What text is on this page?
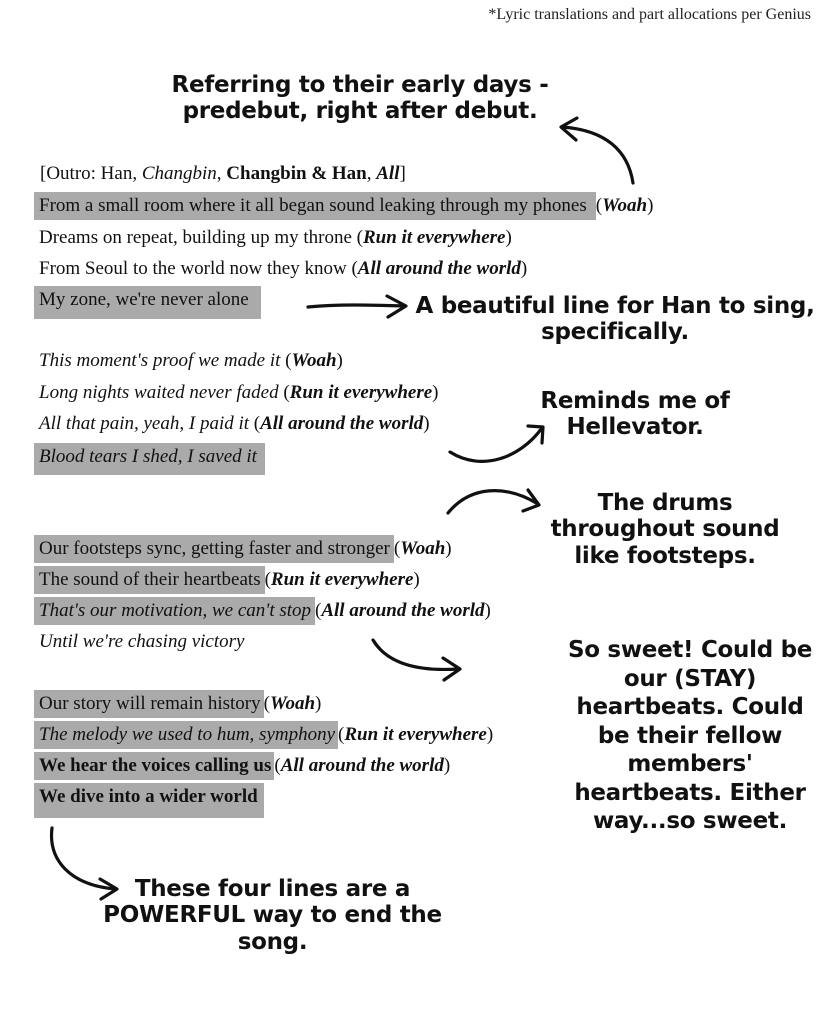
*Lyric translations and part allocations per Genius
[Outro: Han, Changbin, Changbin & Han, All]
From a small room where it all began sound leaking through my phones (Woah)
Dreams on repeat, building up my throne (Run it everywhere)
From Seoul to the world now they know (All around the world)
My zone, we're never alone
This moment's proof we made it (Woah)
Long nights waited never faded (Run it everywhere)
All that pain, yeah, I paid it (All around the world)
Blood tears I shed, I saved it
Our footsteps sync, getting faster and stronger (Woah)
The sound of their heartbeats (Run it everywhere)
That's our motivation, we can't stop (All around the world)
Until we're chasing victory
Our story will remain history (Woah)
The melody we used to hum, symphony (Run it everywhere)
We hear the voices calling us (All around the world)
We dive into a wider world
Referring to their early days - predebut, right after debut.
A beautiful line for Han to sing, specifically.
Reminds me of Hellevator.
The drums throughout sound like footsteps.
So sweet! Could be our (STAY) heartbeats. Could be their fellow members' heartbeats. Either way...so sweet.
These four lines are a POWERFUL way to end the song.
